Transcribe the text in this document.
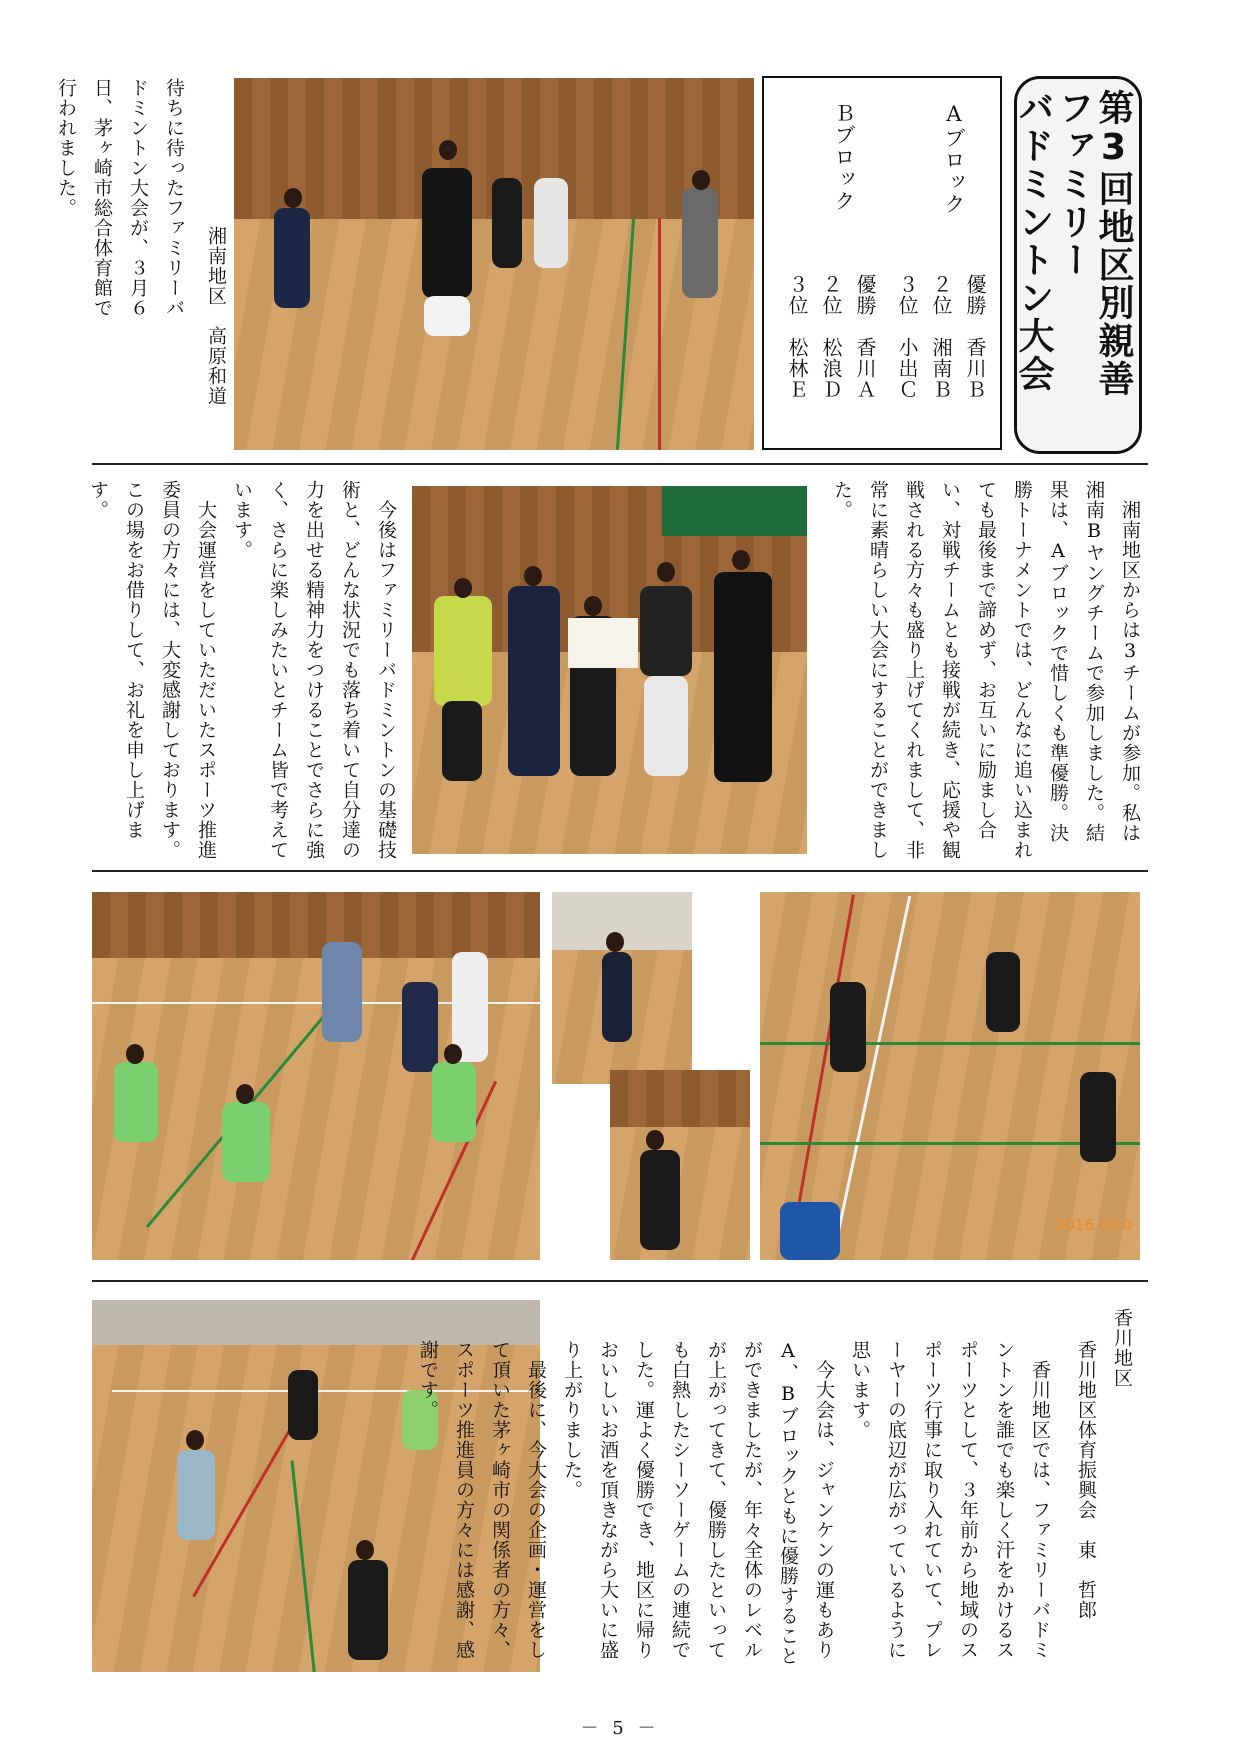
第3回地区別親善
ファミリー
バドミントン大会
Aブロック
優勝　香川Ｂ
２位　湘南Ｂ
３位　小出Ｃ
Ｂブロック
優勝　香川Ａ
２位　松浪Ｄ
３位　松林Ｅ
湘南地区　高原和道
待ちに待ったファミリーバドミントン大会が、３月６日、茅ヶ崎市総合体育館で行われました。
　湘南地区からは3チームが参加。私は湘南Bヤングチームで参加しました。結果は、Aブロックで惜しくも準優勝。決勝トーナメントでは、どんなに追い込まれても最後まで諦めず、お互いに励まし合い、対戦チームとも接戦が続き、応援や観戦される方々も盛り上げてくれまして、非常に素晴らしい大会にすることができました。
　今後はファミリーバドミントンの基礎技術と、どんな状況でも落ち着いて自分達の力を出せる精神力をつけることでさらに強く、さらに楽しみたいとチーム皆で考えています。
　大会運営をしていただいたスポーツ推進委員の方々には、大変感謝しております。この場をお借りして、お礼を申し上げます。
2016.03.0
香川地区
香川地区体育振興会　東　哲郎
　香川地区では、ファミリーバドミントンを誰でも楽しく汗をかけるスポーツとして、３年前から地域のスポーツ行事に取り入れていて、プレーヤーの底辺が広がっているように思います。
　今大会は、ジャンケンの運もありA、Bブロックともに優勝することができましたが、年々全体のレベルが上がってきて、優勝したといっても白熱したシーソーゲームの連続でした。運よく優勝でき、地区に帰りおいしいお酒を頂きながら大いに盛り上がりました。
　最後に、今大会の企画・運営をして頂いた茅ヶ崎市の関係者の方々、スポーツ推進員の方々には感謝、感謝です。
－ 5 －
